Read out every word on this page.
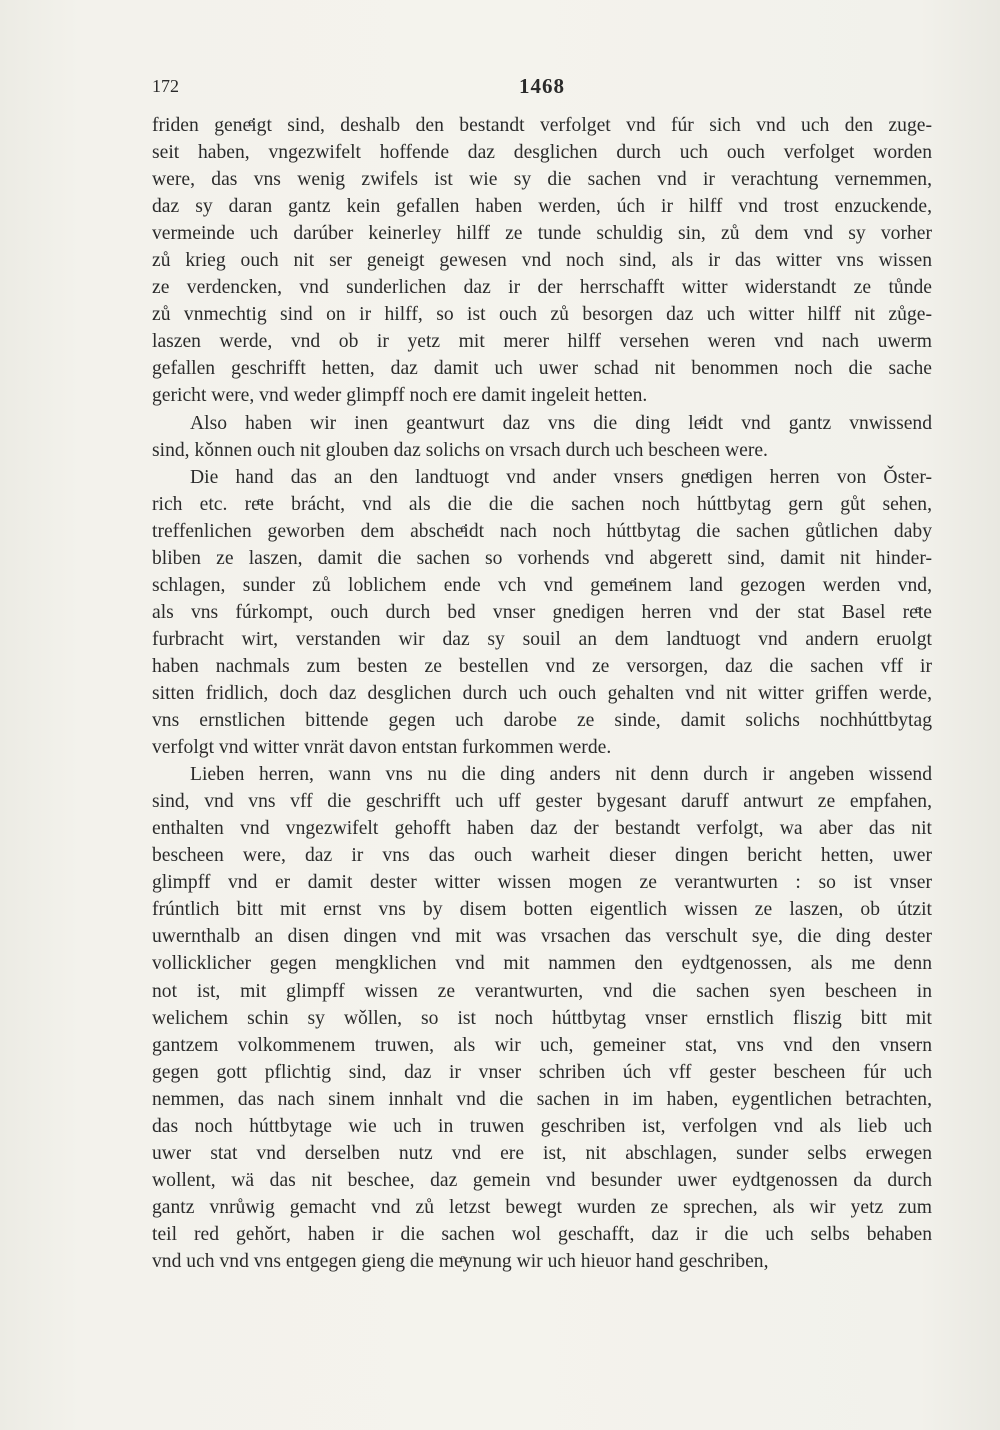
172	1468
friden geneͤigt sind, deshalb den bestandt verfolget vnd fúr sich vnd uch den zuge-
seit haben, vngezwifelt hoffende daz desglichen durch uch ouch verfolget worden
were, das vns wenig zwifels ist wie sy die sachen vnd ir verachtung vernemmen,
daz sy daran gantz kein gefallen haben werden, úch ir hilff vnd trost enzuckende,
vermeinde uch darúber keinerley hilff ze tunde schuldig sin, zů dem vnd sy vorher
zů krieg ouch nit ser geneigt gewesen vnd noch sind, als ir das witter vns wissen
ze verdencken, vnd sunderlichen daz ir der herrschafft witter widerstandt ze tůnde
zů vnmechtig sind on ir hilff, so ist ouch zů besorgen daz uch witter hilff nit zůge-
laszen werde, vnd ob ir yetz mit merer hilff versehen weren vnd nach uwerm
gefallen geschrifft hetten, daz damit uch uwer schad nit benommen noch die sache
gericht were, vnd weder glimpff noch ere damit ingeleit hetten.
Also haben wir inen geantwurt daz vns die ding leͤidt vnd gantz vnwissend
sind, kǒnnen ouch nit glouben daz solichs on vrsach durch uch bescheen were.
Die hand das an den landtuogt vnd ander vnsers gneͤdigen herren von Ǒster-
rich etc. reͤte brácht, vnd als die die die sachen noch húttbytag gern gůt sehen,
treffenlichen geworben dem abscheͤidt nach noch húttbytag die sachen gůtlichen daby
bliben ze laszen, damit die sachen so vorhends vnd abgerett sind, damit nit hinder-
schlagen, sunder zů loblichem ende vch vnd gemeͤinem land gezogen werden vnd,
als vns fúrkompt, ouch durch bed vnser gnedigen herren vnd der stat Basel reͤte
furbracht wirt, verstanden wir daz sy souil an dem landtuogt vnd andern eruolgt
haben nachmals zum besten ze bestellen vnd ze versorgen, daz die sachen vff ir
sitten fridlich, doch daz desglichen durch uch ouch gehalten vnd nit witter griffen werde,
vns ernstlichen bittende gegen uch darobe ze sinde, damit solichs nochhúttbytag
verfolgt vnd witter vnrät davon entstan furkommen werde.
Lieben herren, wann vns nu die ding anders nit denn durch ir angeben wissend
sind, vnd vns vff die geschrifft uch uff gester bygesant daruff antwurt ze empfahen,
enthalten vnd vngezwifelt gehofft haben daz der bestandt verfolgt, wa aber das nit
bescheen were, daz ir vns das ouch warheit dieser dingen bericht hetten, uwer
glimpff vnd er damit dester witter wissen mogen ze verantwurten : so ist vnser
frúntlich bitt mit ernst vns by disem botten eigentlich wissen ze laszen, ob útzit
uwernthalb an disen dingen vnd mit was vrsachen das verschult sye, die ding dester
vollicklicher gegen mengklichen vnd mit nammen den eydtgenossen, als me denn
not ist, mit glimpff wissen ze verantwurten, vnd die sachen syen bescheen in
welichem schin sy wǒllen, so ist noch húttbytag vnser ernstlich fliszig bitt mit
gantzem volkommenem truwen, als wir uch, gemeiner stat, vns vnd den vnsern
gegen gott pflichtig sind, daz ir vnser schriben úch vff gester bescheen fúr uch
nemmen, das nach sinem innhalt vnd die sachen in im haben, eygentlichen betrachten,
das noch húttbytage wie uch in truwen geschriben ist, verfolgen vnd als lieb uch
uwer stat vnd derselben nutz vnd ere ist, nit abschlagen, sunder selbs erwegen
wollent, wä das nit beschee, daz gemein vnd besunder uwer eydtgenossen da durch
gantz vnrůwig gemacht vnd zů letzst bewegt wurden ze sprechen, als wir yetz zum
teil red gehǒrt, haben ir die sachen wol geschafft, daz ir die uch selbs behaben
vnd uch vnd vns entgegen gieng die meͤynung wir uch hieuor hand geschriben,
